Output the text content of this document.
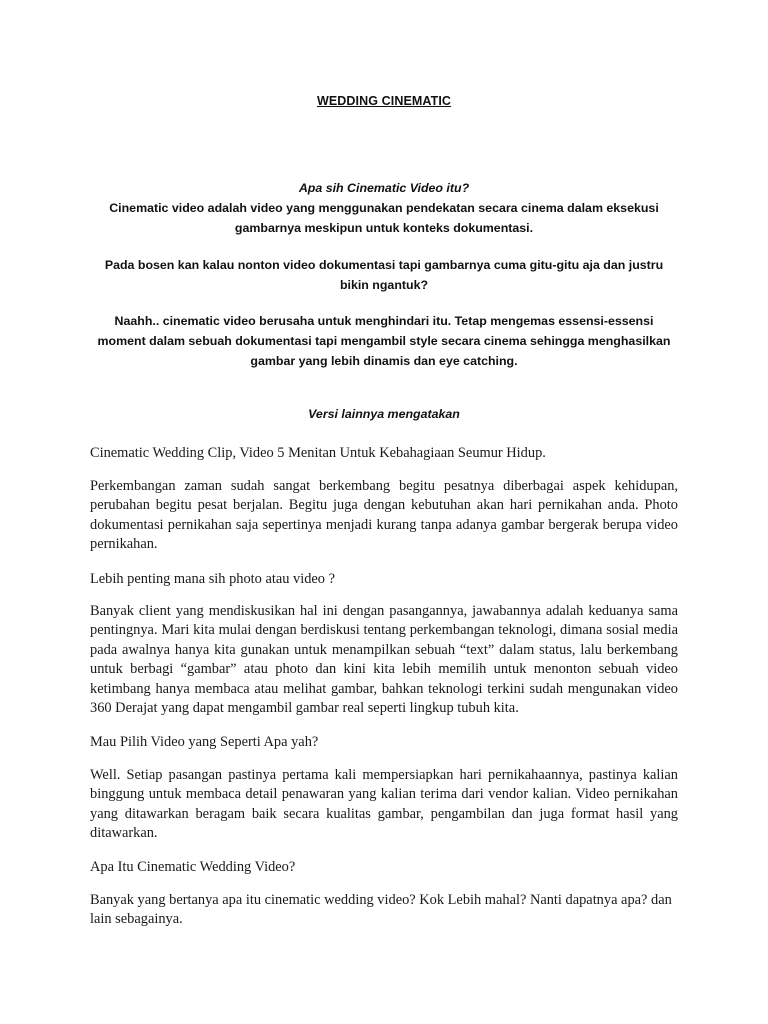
WEDDING CINEMATIC
Apa sih Cinematic Video itu?
Cinematic video adalah video yang menggunakan pendekatan secara cinema dalam eksekusi gambarnya meskipun untuk konteks dokumentasi.
Pada bosen kan kalau nonton video dokumentasi tapi gambarnya cuma gitu-gitu aja dan justru bikin ngantuk?
Naahh.. cinematic video berusaha untuk menghindari itu. Tetap mengemas essensi-essensi moment dalam sebuah dokumentasi tapi mengambil style secara cinema sehingga menghasilkan gambar yang lebih dinamis dan eye catching.
Versi lainnya mengatakan

Cinematic Wedding Clip, Video 5 Menitan Untuk Kebahagiaan Seumur Hidup.

Perkembangan zaman sudah sangat berkembang begitu pesatnya diberbagai aspek kehidupan, perubahan begitu pesat berjalan. Begitu juga dengan kebutuhan akan hari pernikahan anda. Photo dokumentasi pernikahan saja sepertinya menjadi kurang tanpa adanya gambar bergerak berupa video pernikahan.

Lebih penting mana sih photo atau video ?

Banyak client yang mendiskusikan hal ini dengan pasangannya, jawabannya adalah keduanya sama pentingnya. Mari kita mulai dengan berdiskusi tentang perkembangan teknologi, dimana sosial media pada awalnya hanya kita gunakan untuk menampilkan sebuah “text” dalam status, lalu berkembang untuk berbagi “gambar” atau photo dan kini kita lebih memilih untuk menonton sebuah video ketimbang hanya membaca atau melihat gambar, bahkan teknologi terkini sudah mengunakan video 360 Derajat yang dapat mengambil gambar real seperti lingkup tubuh kita.

Mau Pilih Video yang Seperti Apa yah?

Well. Setiap pasangan pastinya pertama kali mempersiapkan hari pernikahaannya, pastinya kalian binggung untuk membaca detail penawaran yang kalian terima dari vendor kalian. Video pernikahan yang ditawarkan beragam baik secara kualitas gambar, pengambilan dan juga format hasil yang ditawarkan.

Apa Itu Cinematic Wedding Video?

Banyak yang bertanya apa itu cinematic wedding video? Kok Lebih mahal? Nanti dapatnya apa? dan lain sebagainya.
